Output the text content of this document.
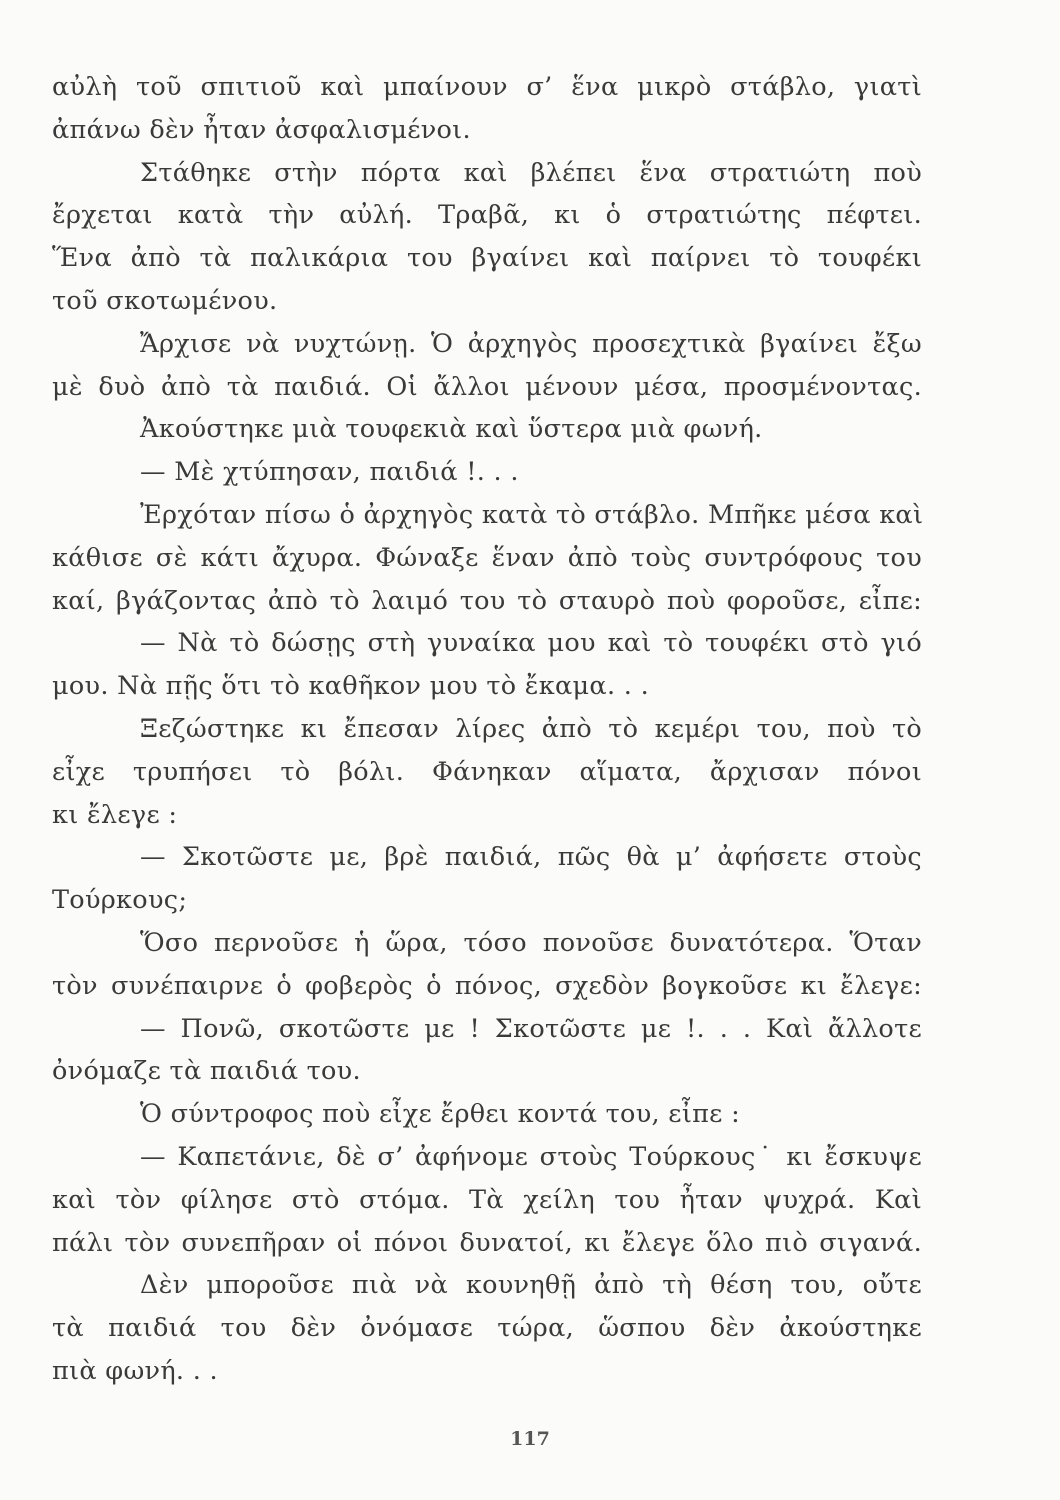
αὐλὴ τοῦ σπιτιοῦ καὶ μπαίνουν σ’ ἕνα μικρὸ στάβλο, γιατὶ
ἀπάνω δὲν ἦταν ἀσφαλισμένοι.
Στάθηκε στὴν πόρτα καὶ βλέπει ἕνα στρατιώτη ποὺ
ἔρχεται κατὰ τὴν αὐλή. Τραβᾶ, κι ὁ στρατιώτης πέφτει.
Ἕνα ἀπὸ τὰ παλικάρια του βγαίνει καὶ παίρνει τὸ τουφέκι
τοῦ σκοτωμένου.
Ἄρχισε νὰ νυχτώνῃ. Ὁ ἀρχηγὸς προσεχτικὰ βγαίνει ἔξω
μὲ δυὸ ἀπὸ τὰ παιδιά. Οἱ ἄλλοι μένουν μέσα, προσμένοντας.
Ἀκούστηκε μιὰ τουφεκιὰ καὶ ὕστερα μιὰ φωνή.
— Μὲ χτύπησαν, παιδιά !. . .
Ἐρχόταν πίσω ὁ ἀρχηγὸς κατὰ τὸ στάβλο. Μπῆκε μέσα καὶ
κάθισε σὲ κάτι ἄχυρα. Φώναξε ἕναν ἀπὸ τοὺς συντρόφους του
καί, βγάζοντας ἀπὸ τὸ λαιμό του τὸ σταυρὸ ποὺ φοροῦσε, εἶπε:
— Νὰ τὸ δώσῃς στὴ γυναίκα μου καὶ τὸ τουφέκι στὸ γιό
μου. Νὰ πῇς ὅτι τὸ καθῆκον μου τὸ ἔκαμα. . .
Ξεζώστηκε κι ἔπεσαν λίρες ἀπὸ τὸ κεμέρι του, ποὺ τὸ
εἶχε τρυπήσει τὸ βόλι. Φάνηκαν αἵματα, ἄρχισαν πόνοι
κι ἔλεγε :
— Σκοτῶστε με, βρὲ παιδιά, πῶς θὰ μ’ ἀφήσετε στοὺς
Τούρκους;
Ὅσο περνοῦσε ἡ ὥρα, τόσο πονοῦσε δυνατότερα. Ὅταν
τὸν συνέπαιρνε ὁ φοβερὸς ὁ πόνος, σχεδὸν βογκοῦσε κι ἔλεγε:
— Πονῶ, σκοτῶστε με ! Σκοτῶστε με !. . . Καὶ ἄλλοτε
ὀνόμαζε τὰ παιδιά του.
Ὁ σύντροφος ποὺ εἶχε ἔρθει κοντά του, εἶπε :
— Καπετάνιε, δὲ σ’ ἀφήνομε στοὺς Τούρκους˙ κι ἔσκυψε
καὶ τὸν φίλησε στὸ στόμα. Τὰ χείλη του ἦταν ψυχρά. Καὶ
πάλι τὸν συνεπῆραν οἱ πόνοι δυνατοί, κι ἔλεγε ὅλο πιὸ σιγανά.
Δὲν μποροῦσε πιὰ νὰ κουνηθῇ ἀπὸ τὴ θέση του, οὔτε
τὰ παιδιά του δὲν ὀνόμασε τώρα, ὥσπου δὲν ἀκούστηκε
πιὰ φωνή. . .
117
